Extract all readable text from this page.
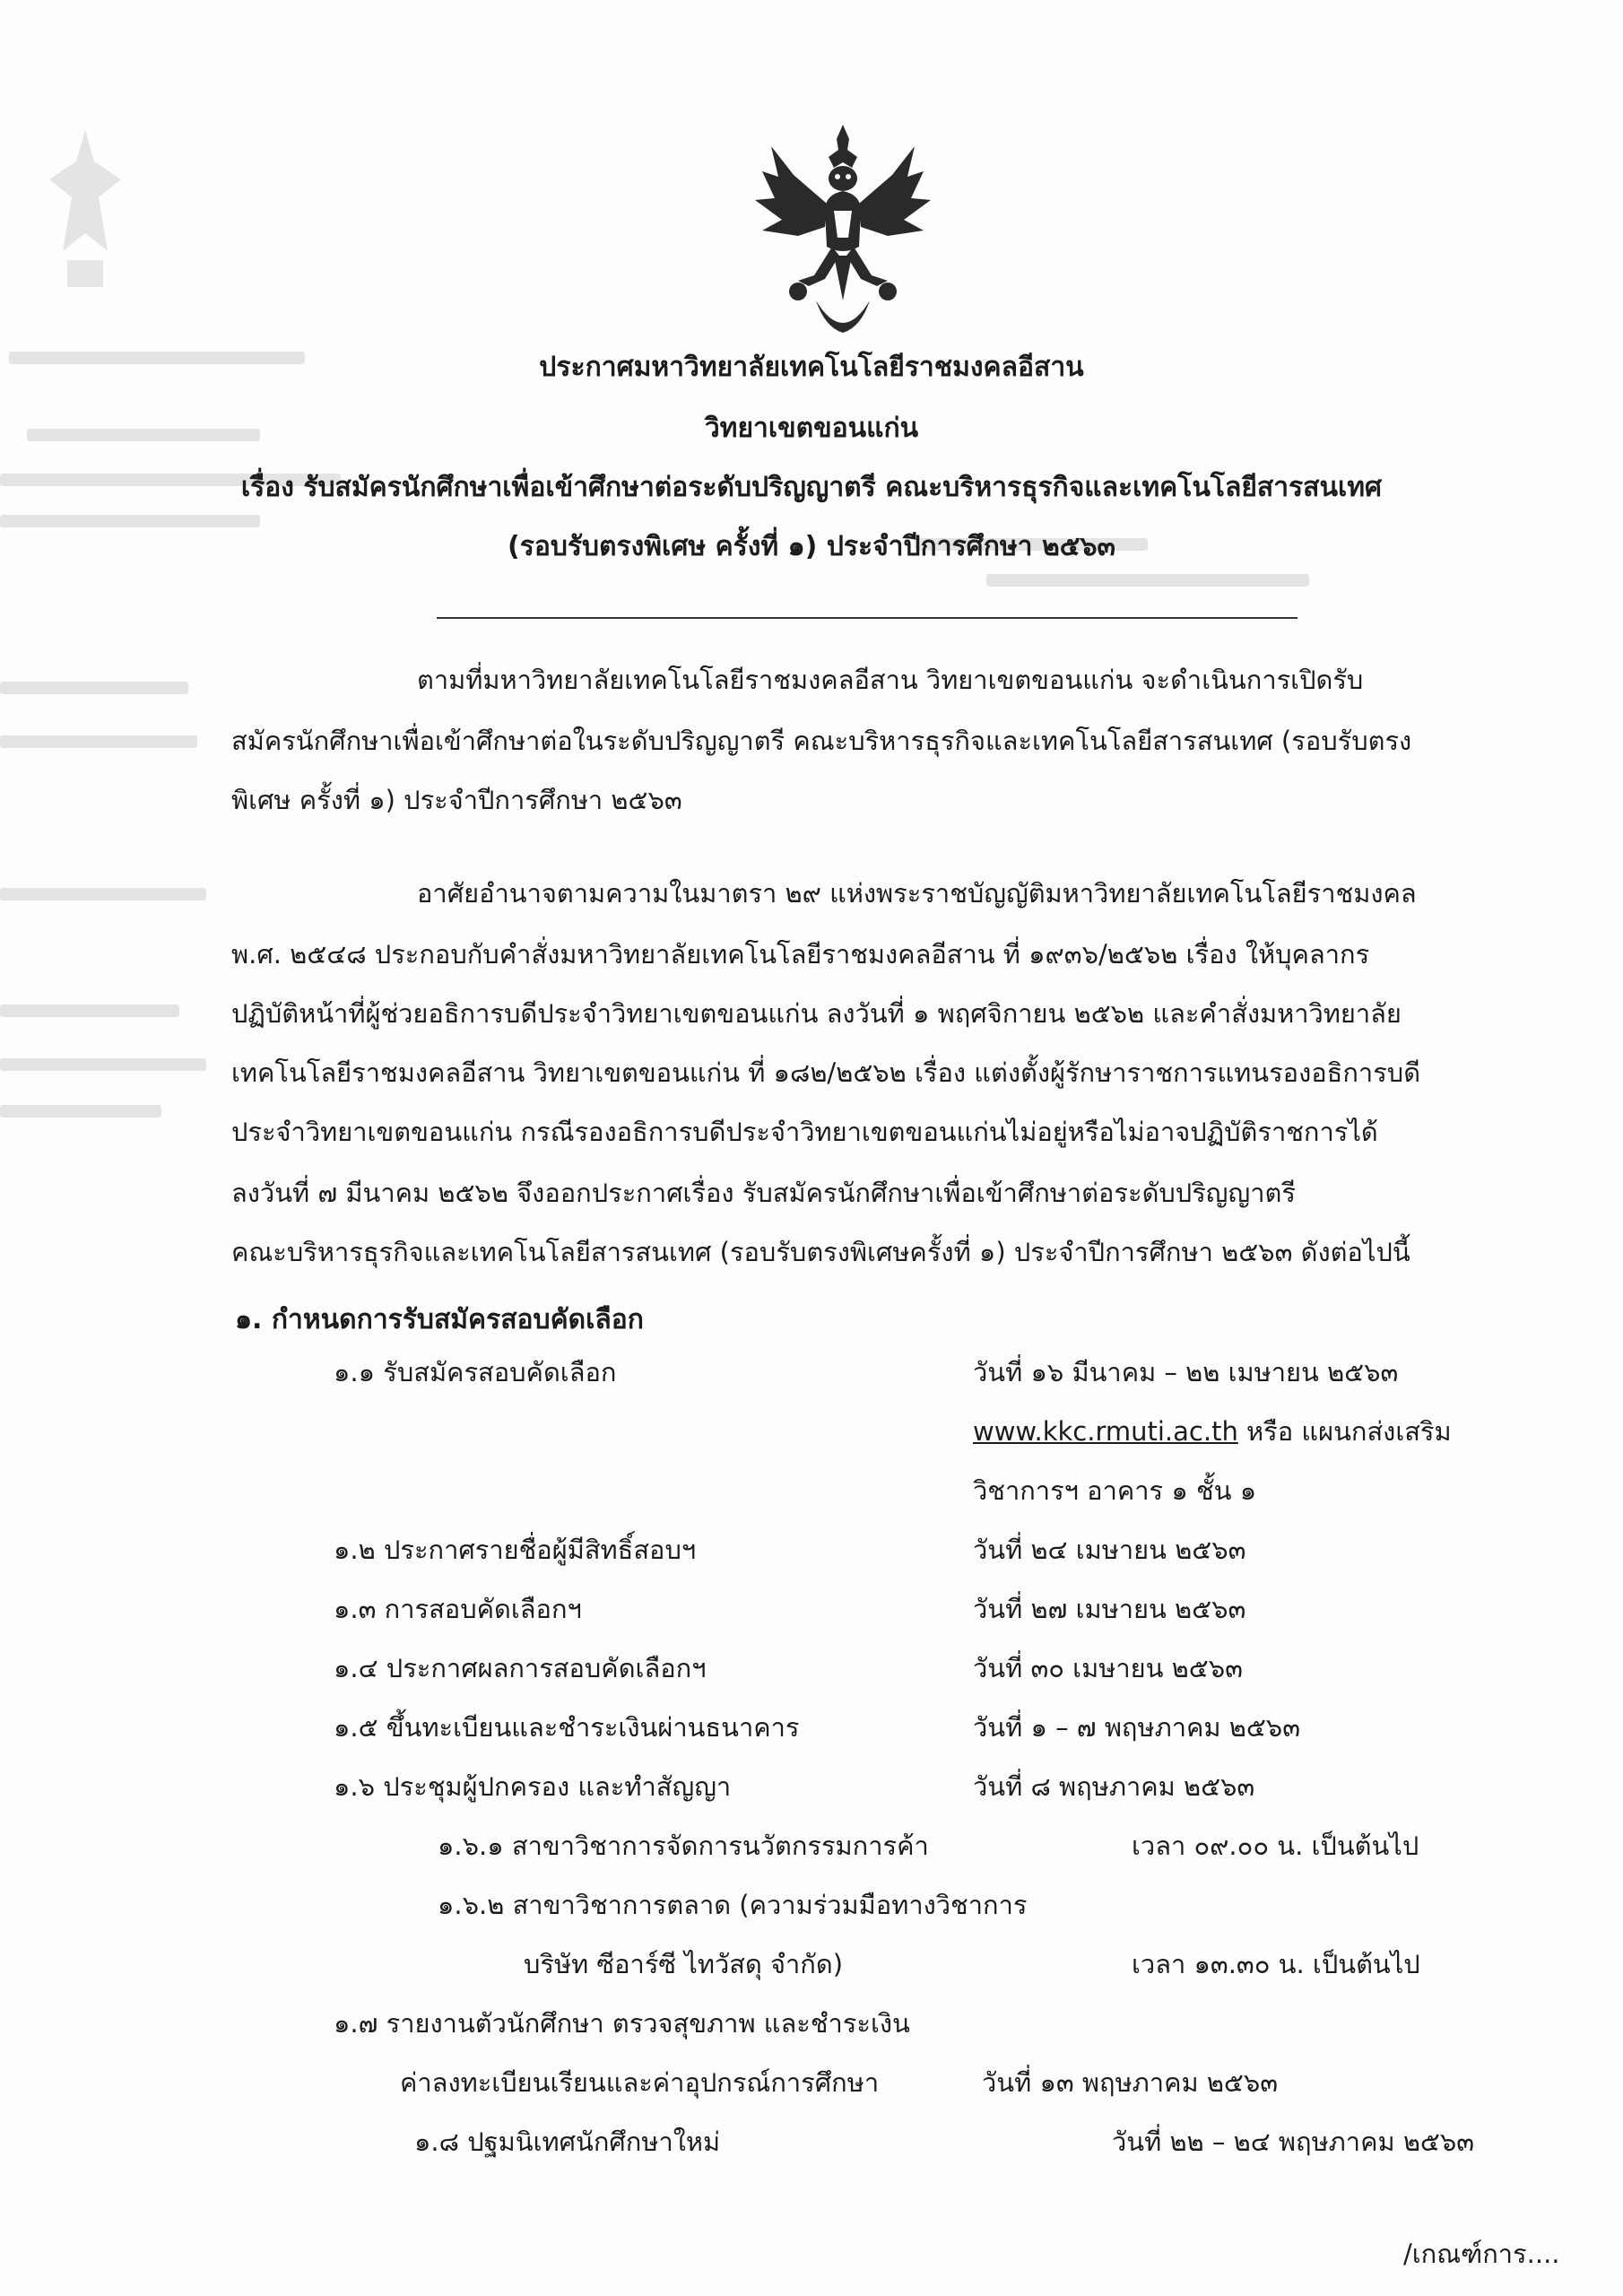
ประกาศมหาวิทยาลัยเทคโนโลยีราชมงคลอีสาน
วิทยาเขตขอนแก่น
เรื่อง รับสมัครนักศึกษาเพื่อเข้าศึกษาต่อระดับปริญญาตรี คณะบริหารธุรกิจและเทคโนโลยีสารสนเทศ
(รอบรับตรงพิเศษ ครั้งที่ ๑) ประจำปีการศึกษา ๒๕๖๓
ตามที่มหาวิทยาลัยเทคโนโลยีราชมงคลอีสาน วิทยาเขตขอนแก่น จะดำเนินการเปิดรับ
สมัครนักศึกษาเพื่อเข้าศึกษาต่อในระดับปริญญาตรี คณะบริหารธุรกิจและเทคโนโลยีสารสนเทศ (รอบรับตรง
พิเศษ ครั้งที่ ๑) ประจำปีการศึกษา ๒๕๖๓
อาศัยอำนาจตามความในมาตรา ๒๙ แห่งพระราชบัญญัติมหาวิทยาลัยเทคโนโลยีราชมงคล
พ.ศ. ๒๕๔๘ ประกอบกับคำสั่งมหาวิทยาลัยเทคโนโลยีราชมงคลอีสาน ที่ ๑๙๓๖/๒๕๖๒ เรื่อง ให้บุคลากร
ปฏิบัติหน้าที่ผู้ช่วยอธิการบดีประจำวิทยาเขตขอนแก่น ลงวันที่ ๑ พฤศจิกายน ๒๕๖๒ และคำสั่งมหาวิทยาลัย
เทคโนโลยีราชมงคลอีสาน วิทยาเขตขอนแก่น ที่ ๑๘๒/๒๕๖๒ เรื่อง แต่งตั้งผู้รักษาราชการแทนรองอธิการบดี
ประจำวิทยาเขตขอนแก่น กรณีรองอธิการบดีประจำวิทยาเขตขอนแก่นไม่อยู่หรือไม่อาจปฏิบัติราชการได้
ลงวันที่ ๗ มีนาคม ๒๕๖๒ จึงออกประกาศเรื่อง รับสมัครนักศึกษาเพื่อเข้าศึกษาต่อระดับปริญญาตรี
คณะบริหารธุรกิจและเทคโนโลยีสารสนเทศ (รอบรับตรงพิเศษครั้งที่ ๑) ประจำปีการศึกษา ๒๕๖๓ ดังต่อไปนี้
๑. กำหนดการรับสมัครสอบคัดเลือก
๑.๑ รับสมัครสอบคัดเลือก	วันที่ ๑๖ มีนาคม – ๒๒ เมษายน ๒๕๖๓
www.kkc.rmuti.ac.th หรือ แผนกส่งเสริม
วิชาการฯ อาคาร ๑ ชั้น ๑
๑.๒ ประกาศรายชื่อผู้มีสิทธิ์สอบฯ	วันที่ ๒๔ เมษายน ๒๕๖๓
๑.๓ การสอบคัดเลือกฯ	วันที่ ๒๗ เมษายน ๒๕๖๓
๑.๔ ประกาศผลการสอบคัดเลือกฯ	วันที่ ๓๐ เมษายน ๒๕๖๓
๑.๕ ขึ้นทะเบียนและชำระเงินผ่านธนาคาร	วันที่ ๑ – ๗ พฤษภาคม ๒๕๖๓
๑.๖ ประชุมผู้ปกครอง และทำสัญญา	วันที่ ๘ พฤษภาคม ๒๕๖๓
๑.๖.๑ สาขาวิชาการจัดการนวัตกรรมการค้า	เวลา ๐๙.๐๐ น. เป็นต้นไป
๑.๖.๒ สาขาวิชาการตลาด (ความร่วมมือทางวิชาการ
บริษัท ซีอาร์ซี ไทวัสดุ จำกัด)	เวลา ๑๓.๓๐ น. เป็นต้นไป
๑.๗ รายงานตัวนักศึกษา ตรวจสุขภาพ และชำระเงิน
ค่าลงทะเบียนเรียนและค่าอุปกรณ์การศึกษา	วันที่ ๑๓ พฤษภาคม ๒๕๖๓
๑.๘ ปฐมนิเทศนักศึกษาใหม่	วันที่ ๒๒ – ๒๔ พฤษภาคม ๒๕๖๓
/เกณฑ์การ....
